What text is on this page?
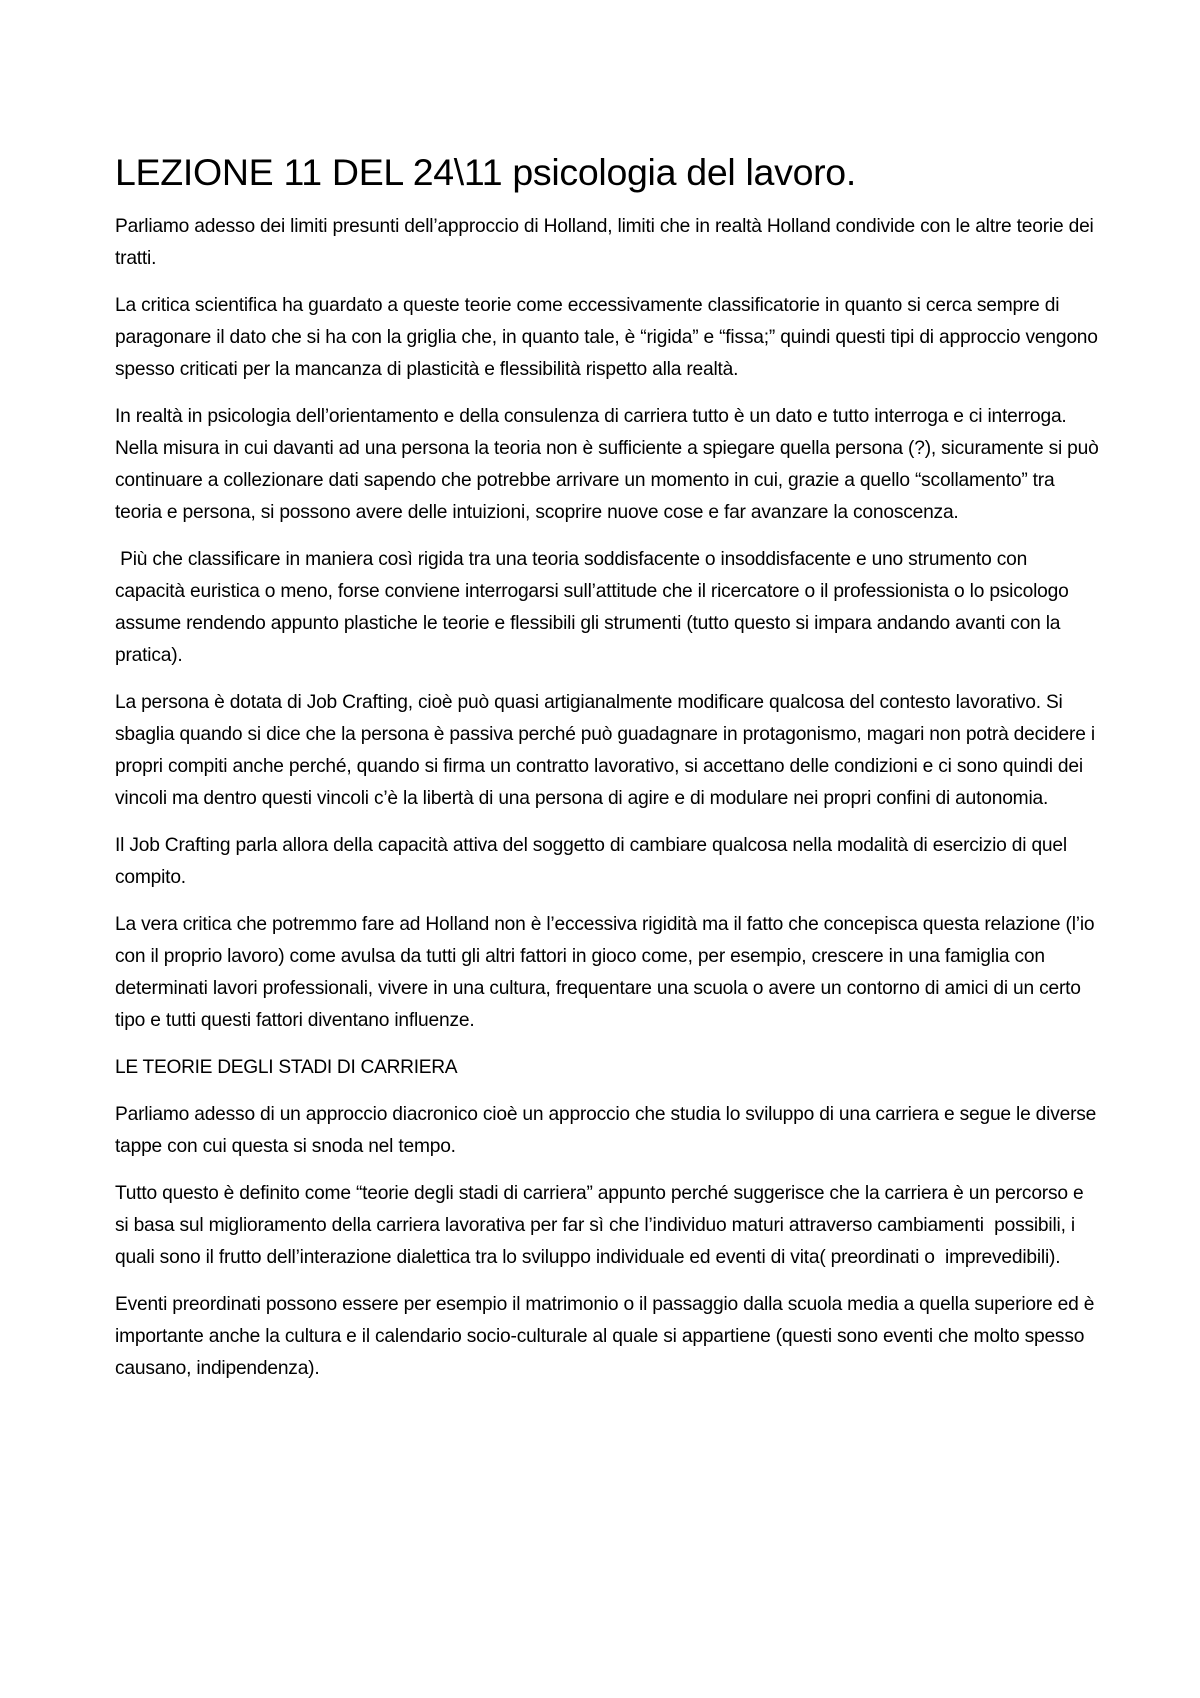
LEZIONE 11 DEL 24\11 psicologia del lavoro.

Parliamo adesso dei limiti presunti dell’approccio di Holland, limiti che in realtà Holland condivide con le altre teorie dei tratti.

La critica scientifica ha guardato a queste teorie come eccessivamente classificatorie in quanto si cerca sempre di paragonare il dato che si ha con la griglia che, in quanto tale, è “rigida” e “fissa;” quindi questi tipi di approccio vengono spesso criticati per la mancanza di plasticità e flessibilità rispetto alla realtà.

In realtà in psicologia dell’orientamento e della consulenza di carriera tutto è un dato e tutto interroga e ci interroga. Nella misura in cui davanti ad una persona la teoria non è sufficiente a spiegare quella persona (?), sicuramente si può continuare a collezionare dati sapendo che potrebbe arrivare un momento in cui, grazie a quello “scollamento” tra teoria e persona, si possono avere delle intuizioni, scoprire nuove cose e far avanzare la conoscenza.

Più che classificare in maniera così rigida tra una teoria soddisfacente o insoddisfacente e uno strumento con capacità euristica o meno, forse conviene interrogarsi sull’attitude che il ricercatore o il professionista o lo psicologo assume rendendo appunto plastiche le teorie e flessibili gli strumenti (tutto questo si impara andando avanti con la pratica).

La persona è dotata di Job Crafting, cioè può quasi artigianalmente modificare qualcosa del contesto lavorativo. Si sbaglia quando si dice che la persona è passiva perché può guadagnare in protagonismo, magari non potrà decidere i propri compiti anche perché, quando si firma un contratto lavorativo, si accettano delle condizioni e ci sono quindi dei vincoli ma dentro questi vincoli c’è la libertà di una persona di agire e di modulare nei propri confini di autonomia.

Il Job Crafting parla allora della capacità attiva del soggetto di cambiare qualcosa nella modalità di esercizio di quel compito.

La vera critica che potremmo fare ad Holland non è l’eccessiva rigidità ma il fatto che concepisca questa relazione (l’io con il proprio lavoro) come avulsa da tutti gli altri fattori in gioco come, per esempio, crescere in una famiglia con determinati lavori professionali, vivere in una cultura, frequentare una scuola o avere un contorno di amici di un certo tipo e tutti questi fattori diventano influenze.

LE TEORIE DEGLI STADI DI CARRIERA

Parliamo adesso di un approccio diacronico cioè un approccio che studia lo sviluppo di una carriera e segue le diverse tappe con cui questa si snoda nel tempo.

Tutto questo è definito come “teorie degli stadi di carriera” appunto perché suggerisce che la carriera è un percorso e si basa sul miglioramento della carriera lavorativa per far sì che l’individuo maturi attraverso cambiamenti  possibili, i quali sono il frutto dell’interazione dialettica tra lo sviluppo individuale ed eventi di vita( preordinati o  imprevedibili).

Eventi preordinati possono essere per esempio il matrimonio o il passaggio dalla scuola media a quella superiore ed è importante anche la cultura e il calendario socio-culturale al quale si appartiene (questi sono eventi che molto spesso causano, indipendenza).
